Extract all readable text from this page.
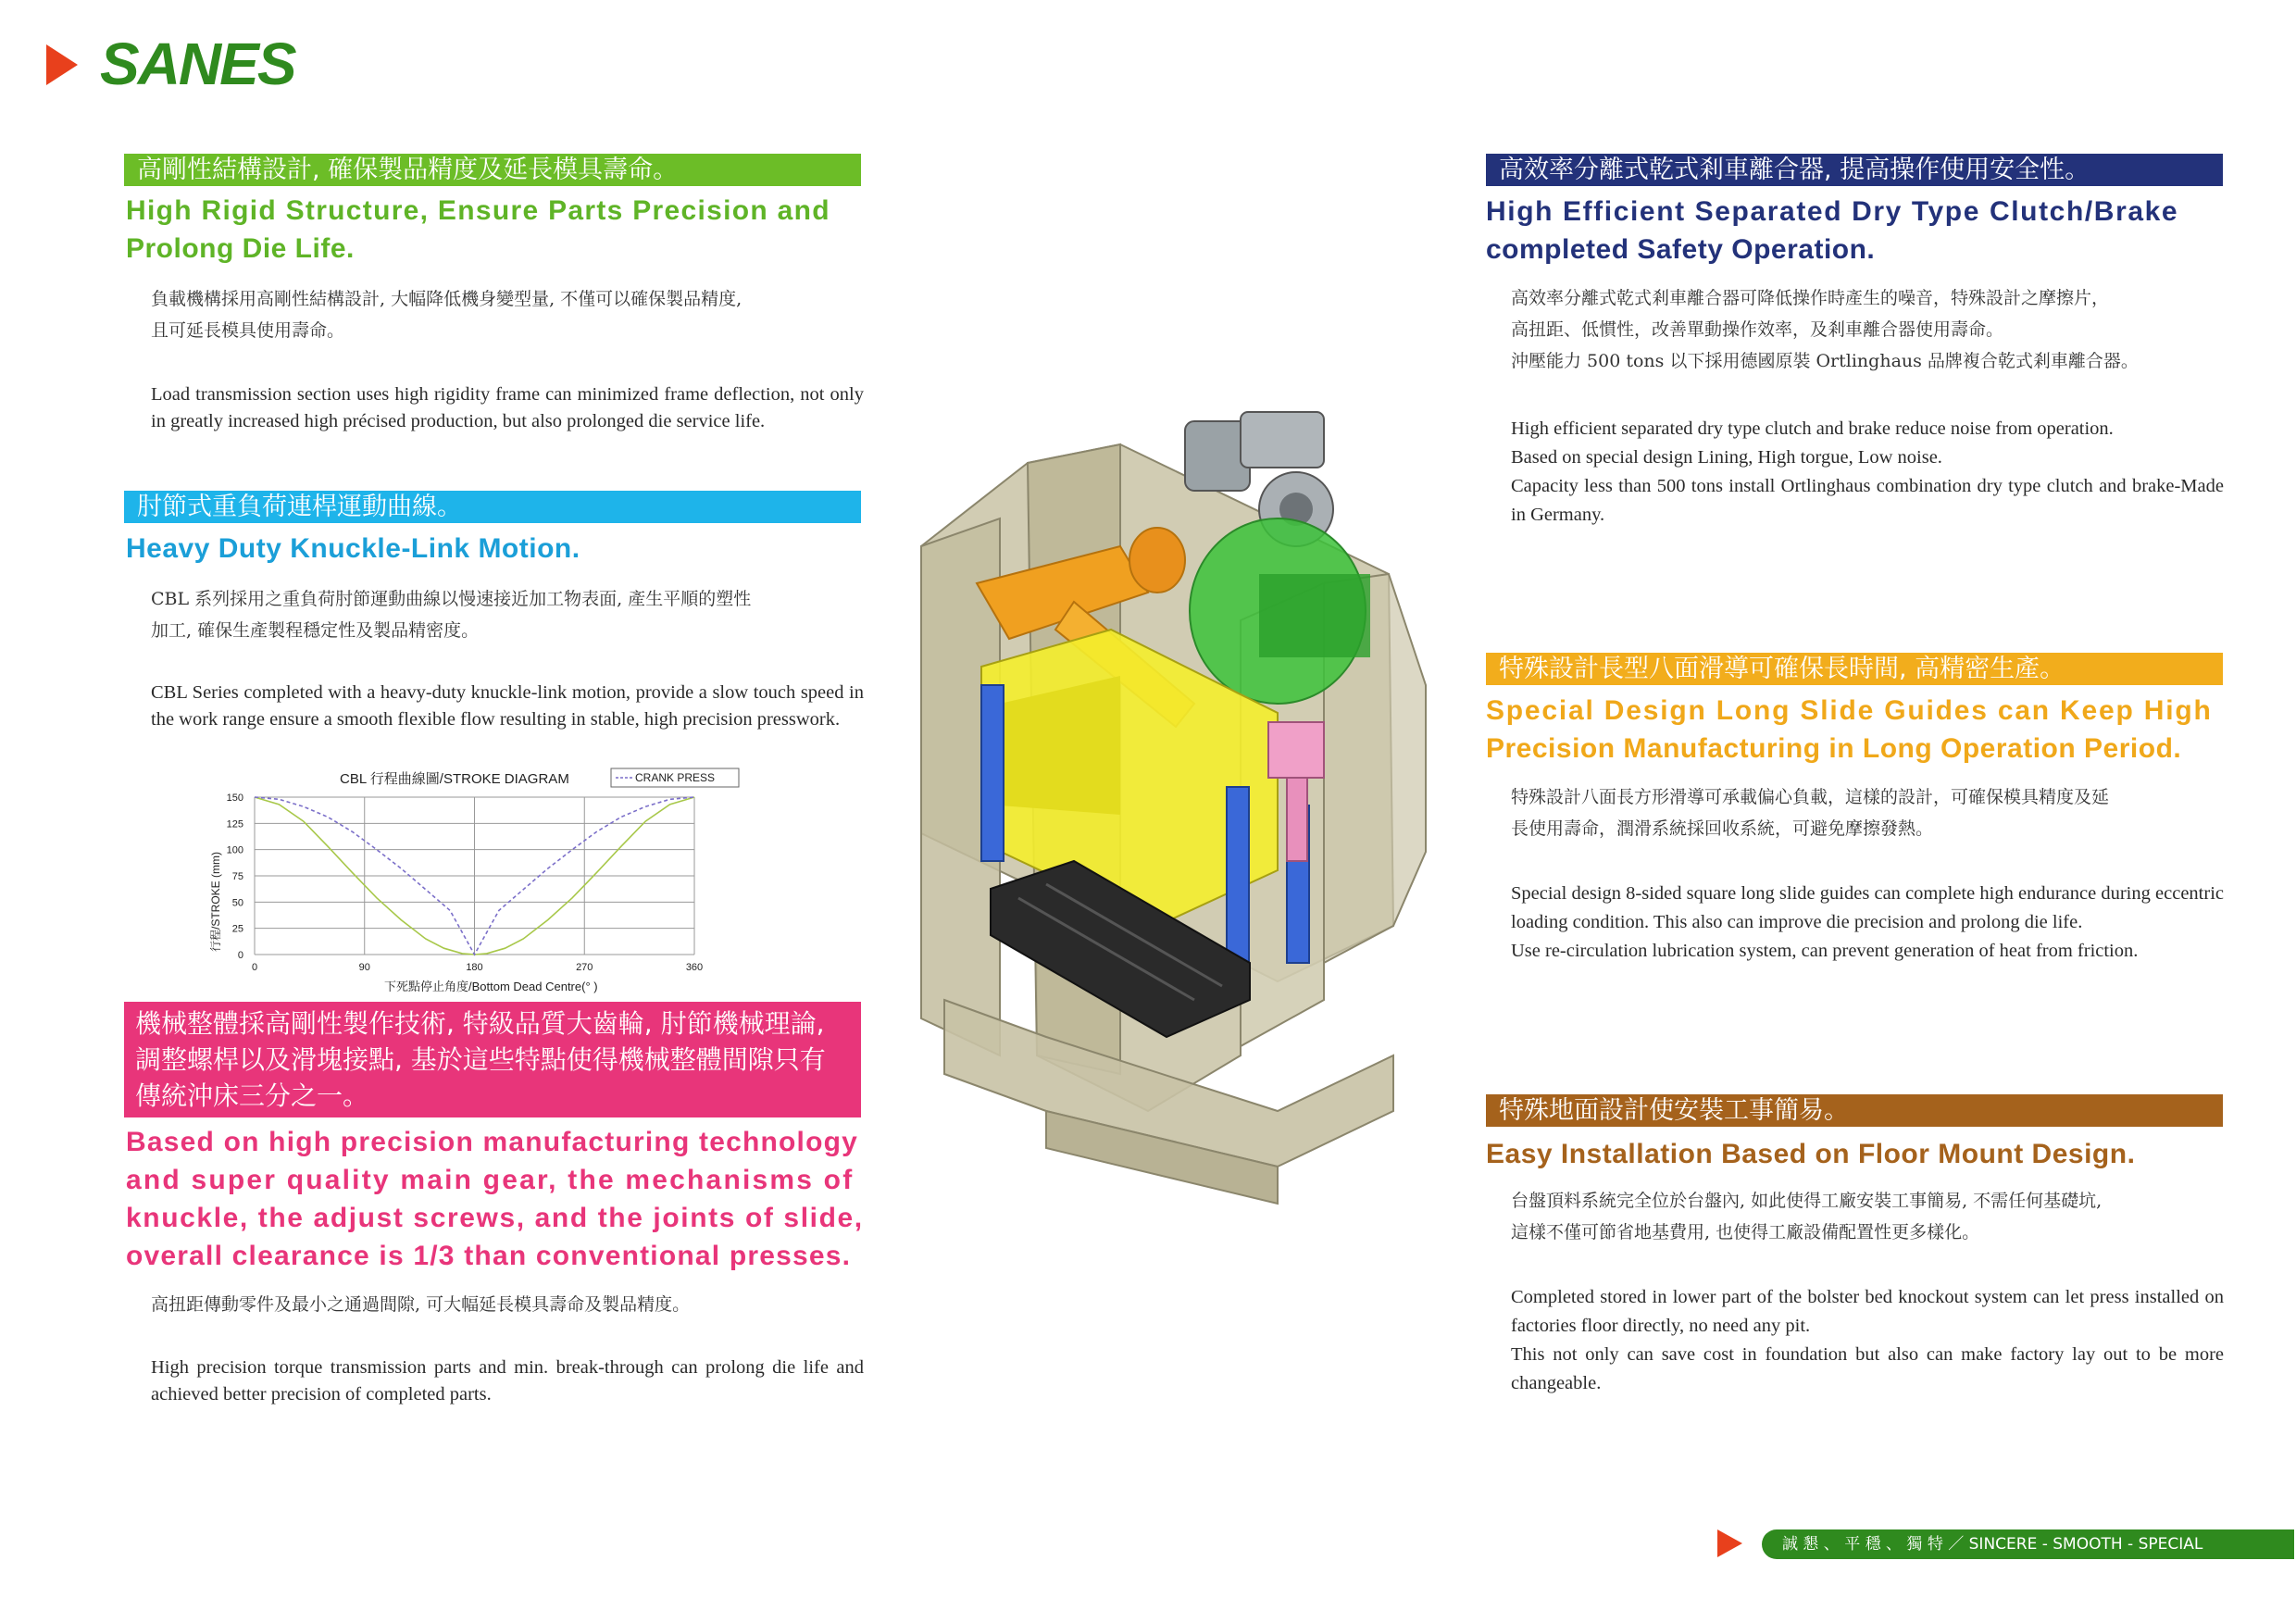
SANES
高剛性結構設計, 確保製品精度及延長模具壽命。
High Rigid Structure, Ensure Parts Precision and
Prolong Die Life.

負載機構採用高剛性結構設計, 大幅降低機身變型量, 不僅可以確保製品精度,

且可延長模具使用壽命。

Load transmission section uses high rigidity frame can minimized frame deflection, not only in greatly increased high précised production, but also prolonged die service life.
肘節式重負荷連桿運動曲線。
Heavy Duty Knuckle-Link Motion.

CBL 系列採用之重負荷肘節運動曲線以慢速接近加工物表面, 產生平順的塑性

加工, 確保生產製程穩定性及製品精密度。

CBL Series completed with a heavy-duty knuckle-link motion, provide a slow touch speed in the work range ensure a smooth flexible flow resulting in stable, high precision presswork.
0
25
50
75
100
125
150
0	90	180	270	360
CBL 行程曲線圖/STROKE DIAGRAM	CRANK PRESS
下死點停止角度/Bottom Dead Centre(° )
行程/STROKE (mm)
機械整體採高剛性製作技術, 特級品質大齒輪, 肘節機械理論, 調整螺桿以及滑塊接點, 基於這些特點使得機械整體間隙只有傳統沖床三分之一。
Based on high precision manufacturing technology
and super quality main gear, the mechanisms of
knuckle, the adjust screws, and the joints of slide,
overall clearance is 1/3 than conventional presses.
高扭距傳動零件及最小之通過間隙, 可大幅延長模具壽命及製品精度。
High precision torque transmission parts and min. break-through can prolong die life and achieved better precision of completed parts.
高效率分離式乾式剎車離合器, 提高操作使用安全性。
High Efficient Separated Dry Type Clutch/Brake
completed Safety Operation.

高效率分離式乾式剎車離合器可降低操作時產生的噪音，特殊設計之摩擦片，

高扭距、低慣性，改善單動操作效率，及剎車離合器使用壽命。

沖壓能力 500 tons 以下採用德國原裝 Ortlinghaus 品牌複合乾式剎車離合器。

High efficient separated dry type clutch and brake reduce noise from operation.

Based on special design Lining, High torgue, Low noise.

Capacity less than 500 tons install Ortlinghaus combination dry type clutch and brake-Made in Germany.

特殊設計長型八面滑導可確保長時間, 高精密生產。
Special Design Long Slide Guides can Keep High
Precision Manufacturing in Long Operation Period.

特殊設計八面長方形滑導可承載偏心負載，這樣的設計，可確保模具精度及延

長使用壽命，潤滑系統採回收系統，可避免摩擦發熱。

Special design 8-sided square long slide guides can complete high endurance during eccentric loading condition. This also can improve die precision and prolong die life.

Use re-circulation lubrication system, can prevent generation of heat from friction.

特殊地面設計使安裝工事簡易。
Easy Installation Based on Floor Mount Design.

台盤頂料系統完全位於台盤內, 如此使得工廠安裝工事簡易, 不需任何基礎坑,

這樣不僅可節省地基費用, 也使得工廠設備配置性更多樣化。

Completed stored in lower part of the bolster bed knockout system can let press installed on factories floor directly, no need any pit.

This not only can save cost in foundation but also can make factory lay out to be more changeable.

誠 懇 、 平 穩 、 獨 特 ／ SINCERE - SMOOTH - SPECIAL
